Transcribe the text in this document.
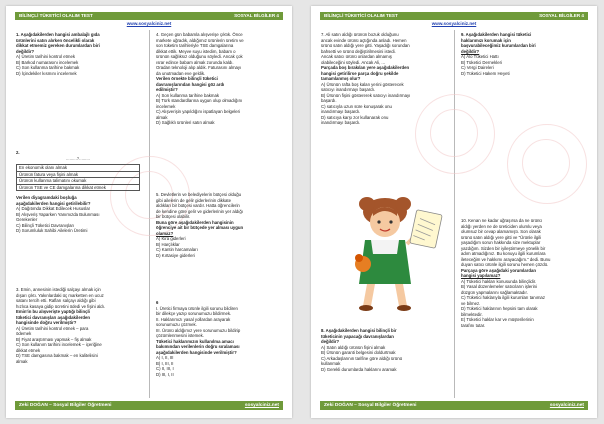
BİLİNÇLİ TÜKETİCİ OLALIM TEST	SOSYAL BİLGİLER 4
www.sosyalciniz.net
1. Aşağıdakilerden hangisi ambalajlı gıda
ürünlerini satın alırken öncelikli olarak
dikkat etmemiz gereken durumlardan biri
değildir?
A) Üretim tarihini kontrol etmek
B) Barkod numarasını incelemek
C) Son kullanma tarihine bakmak
D) İçindekiler kısmını incelemek
2.
.........?.........
En ekonomik olanı almak
Ürünün fatura veya fişini almak
Ürünün kullanma talimatını okumak
Ürünün TSE ve CE damgalarına dikkat etmek
Verilen diyagramdaki boşluğa
aşağıdakilerden hangisi getirilebilir?
A) Dağıtımda Dikkat Edilecek Hususlar
B) Alışveriş Yaparken Yanımızda Bulunması
Gerekenler
C) Bilinçli Tüketici Davranışları
D) Sorumluluk Sahibi Ailelerin Üretimi
3. Emin, annesinin istediği salçayı almak için
dışarı çıktı. Yakınlardaki üç marketten en ucuz
satanı tercih etti. Rafları salçayı aldığı gibi
hızlıca kasaya gidip ücretini ödedi ve fişini aldı.
Emin'in bu alışverişte yaptığı bilinçli
tüketici davranışları aşağıdakilerden
hangisinde doğru verilmiştir?
A) Üretim tarihini kontrol etmek – para
ödemek
B) Fiyat araştırması yapmak – fiş almak
C) Son kullanım tarihini incelemek – içeriğine
dikkat etmek
D) TSE damgasına bakmak – en kalitelisini
almak
4. Geçen gün babamla alışverişe çıktık. Önce
markete uğradık, aldığımız ürünlerin üretim ve
son tüketim tarihleriyle TSE damgalarına
dikkat ettik. Meyve suyu istedim, babam o
ürünün sağlıksız olduğunu söyledi. Ancak çok
ısrar edince babam almak zorunda kaldı.
Oradan teknoloji alıp aldık. Faturasını almayı
da unutmadan eve geldik.
Verilen örnekte bilinçli tüketici
davranışlarından hangisi göz ardı
edilmiştir?
A) Son kullanma tarihine bakmak
B) Türk standardlarına uygun olup olmadığını
incelemek
C) Alışverişin yapıldığını ispatlayan belgeleri
almak
D) Sağlıklı ürünleri satın almak
5. Devletlerin ve belediyelerin bütçesi olduğu
gibi ailelerin de gelir giderlerinin dikkate
aldıkları bir bütçesi vardır. Hatta öğrencilerin
de kendine göre gelir ve giderlerinin yer aldığı
bir bütçesi olabilir.
Buna göre aşağıdakilerden hangisinin
öğrenciye ait bir bütçede yer alması uygun
olamaz?
A) Kira giderleri
B) Harçlıklar
C) Kantin harcamaları
D) Kırtasiye giderleri
6
I. Üretici firmaya ürünle ilgili sorunu bildiren
bir dilekçe yazıp sorunumuzu bildirmek.
II. Haklarımızı yasal yollardan arayarak
sorunumuzu çözmek.
III. Ürünü aldığımız yere sorunumuzu bildirip
çözümlenmesini istemek.
Tüketici haklarımızın kullanılma amacı
bakımından verilenlerin doğru sıralaması
aşağıdakilerden hangisinde verilmiştir?
A) I, II, III
B) I, III, II
C) II, III, I
D) III, I, II
Zeki DOĞAN – Sosyal Bilgiler Öğretmeni	sosyalciniz.net
BİLİNÇLİ TÜKETİCİ OLALIM TEST	SOSYAL BİLGİLER 4
www.sosyalciniz.net
7. Ali satın aldığı ürünün bozuk olduğunu
ancak evinde ürünü açtığında anladı. Hemen
ürünü satın aldığı yere gitti. Yaşadığı sorundan
bahsetti ve ürünü değiştirilmesini istedi.
Ancak satıcı ürünü onlardan almamış
olabileceğini söyledi. Ancak Ali, ...
Parçada boş bırakılan yere aşağıdakilerden
hangisi getirilirse parça doğru şekilde
tamamlanmış olur?
A) Ürünün rafta boş kalan yerini gösterecek
satıcıyı inandırmayı başardı.
B) Ürünün fişini göstererek satıcıyı inandırmayı
başardı.
C) satıcıyla uzun süre konuşarak onu
inandırmayı başardı.
D) satıcıya karşı zor kullanarak onu
inandırmayı başardı.
8. Aşağıdakilerden hangisi bilinçli bir
tüketicinin yapacağı davranışlardan
değildir?
A) Satın aldığı ürünün fişini almak
B) Ürünün garanti belgesini doldurtmak
C) Arkadaşlarının tarifine göre aldığı ürünü
kullanmak
D) Gerekli durumlarda haklarını aramak
9. Aşağıdakilerden hangisi tüketici
haklarımızı korumak için
başvurabileceğimiz kurumlardan biri
değildir?
A) Alo Tüketici Hattı
B) Tüketici Dernekleri
C) Vergi Daireleri
D) Tüketici Hakem Heyeti
10. Kenan ne kadar uğraşırsa da ne ürünü
aldığı yerden ne de üreticiden olumlu veya
olumsuz bir cevap alamamıştı. Son olarak
ürünü satın aldığı yere gitti ve "Ürünle ilgili
yaşadığım sorun hakkında size mektuplar
yazdığım. Sizden bir iyileştirmeye yönelik bir
adım atmadığınız. Bu konuyu ilgili kurumlara
ileteceğim ve hakkımı arayacağım." dedi. Bunu
duyan satıcı ürünle ilgili sorunu hemen çözdü.
Parçaya göre aşağıdaki yorumlardan
hangisi yapılamaz?
A) Tüketici hakları konusunda bilinçlidir.
B) Yasal düzenlemeler satıcıların işlerini
düzgün yapmalarını sağlamaktadır.
C) Tüketici haklarıyla ilgili kurumları tanımaz
ve bilmez.
D) Tüketici haklarının hepsini tam olarak
bilmektedir.
E) Tüketici haklar kar ve müşterilerinin
tarafını tutar.
Zeki DOĞAN – Sosyal Bilgiler Öğretmeni	sosyalciniz.net
